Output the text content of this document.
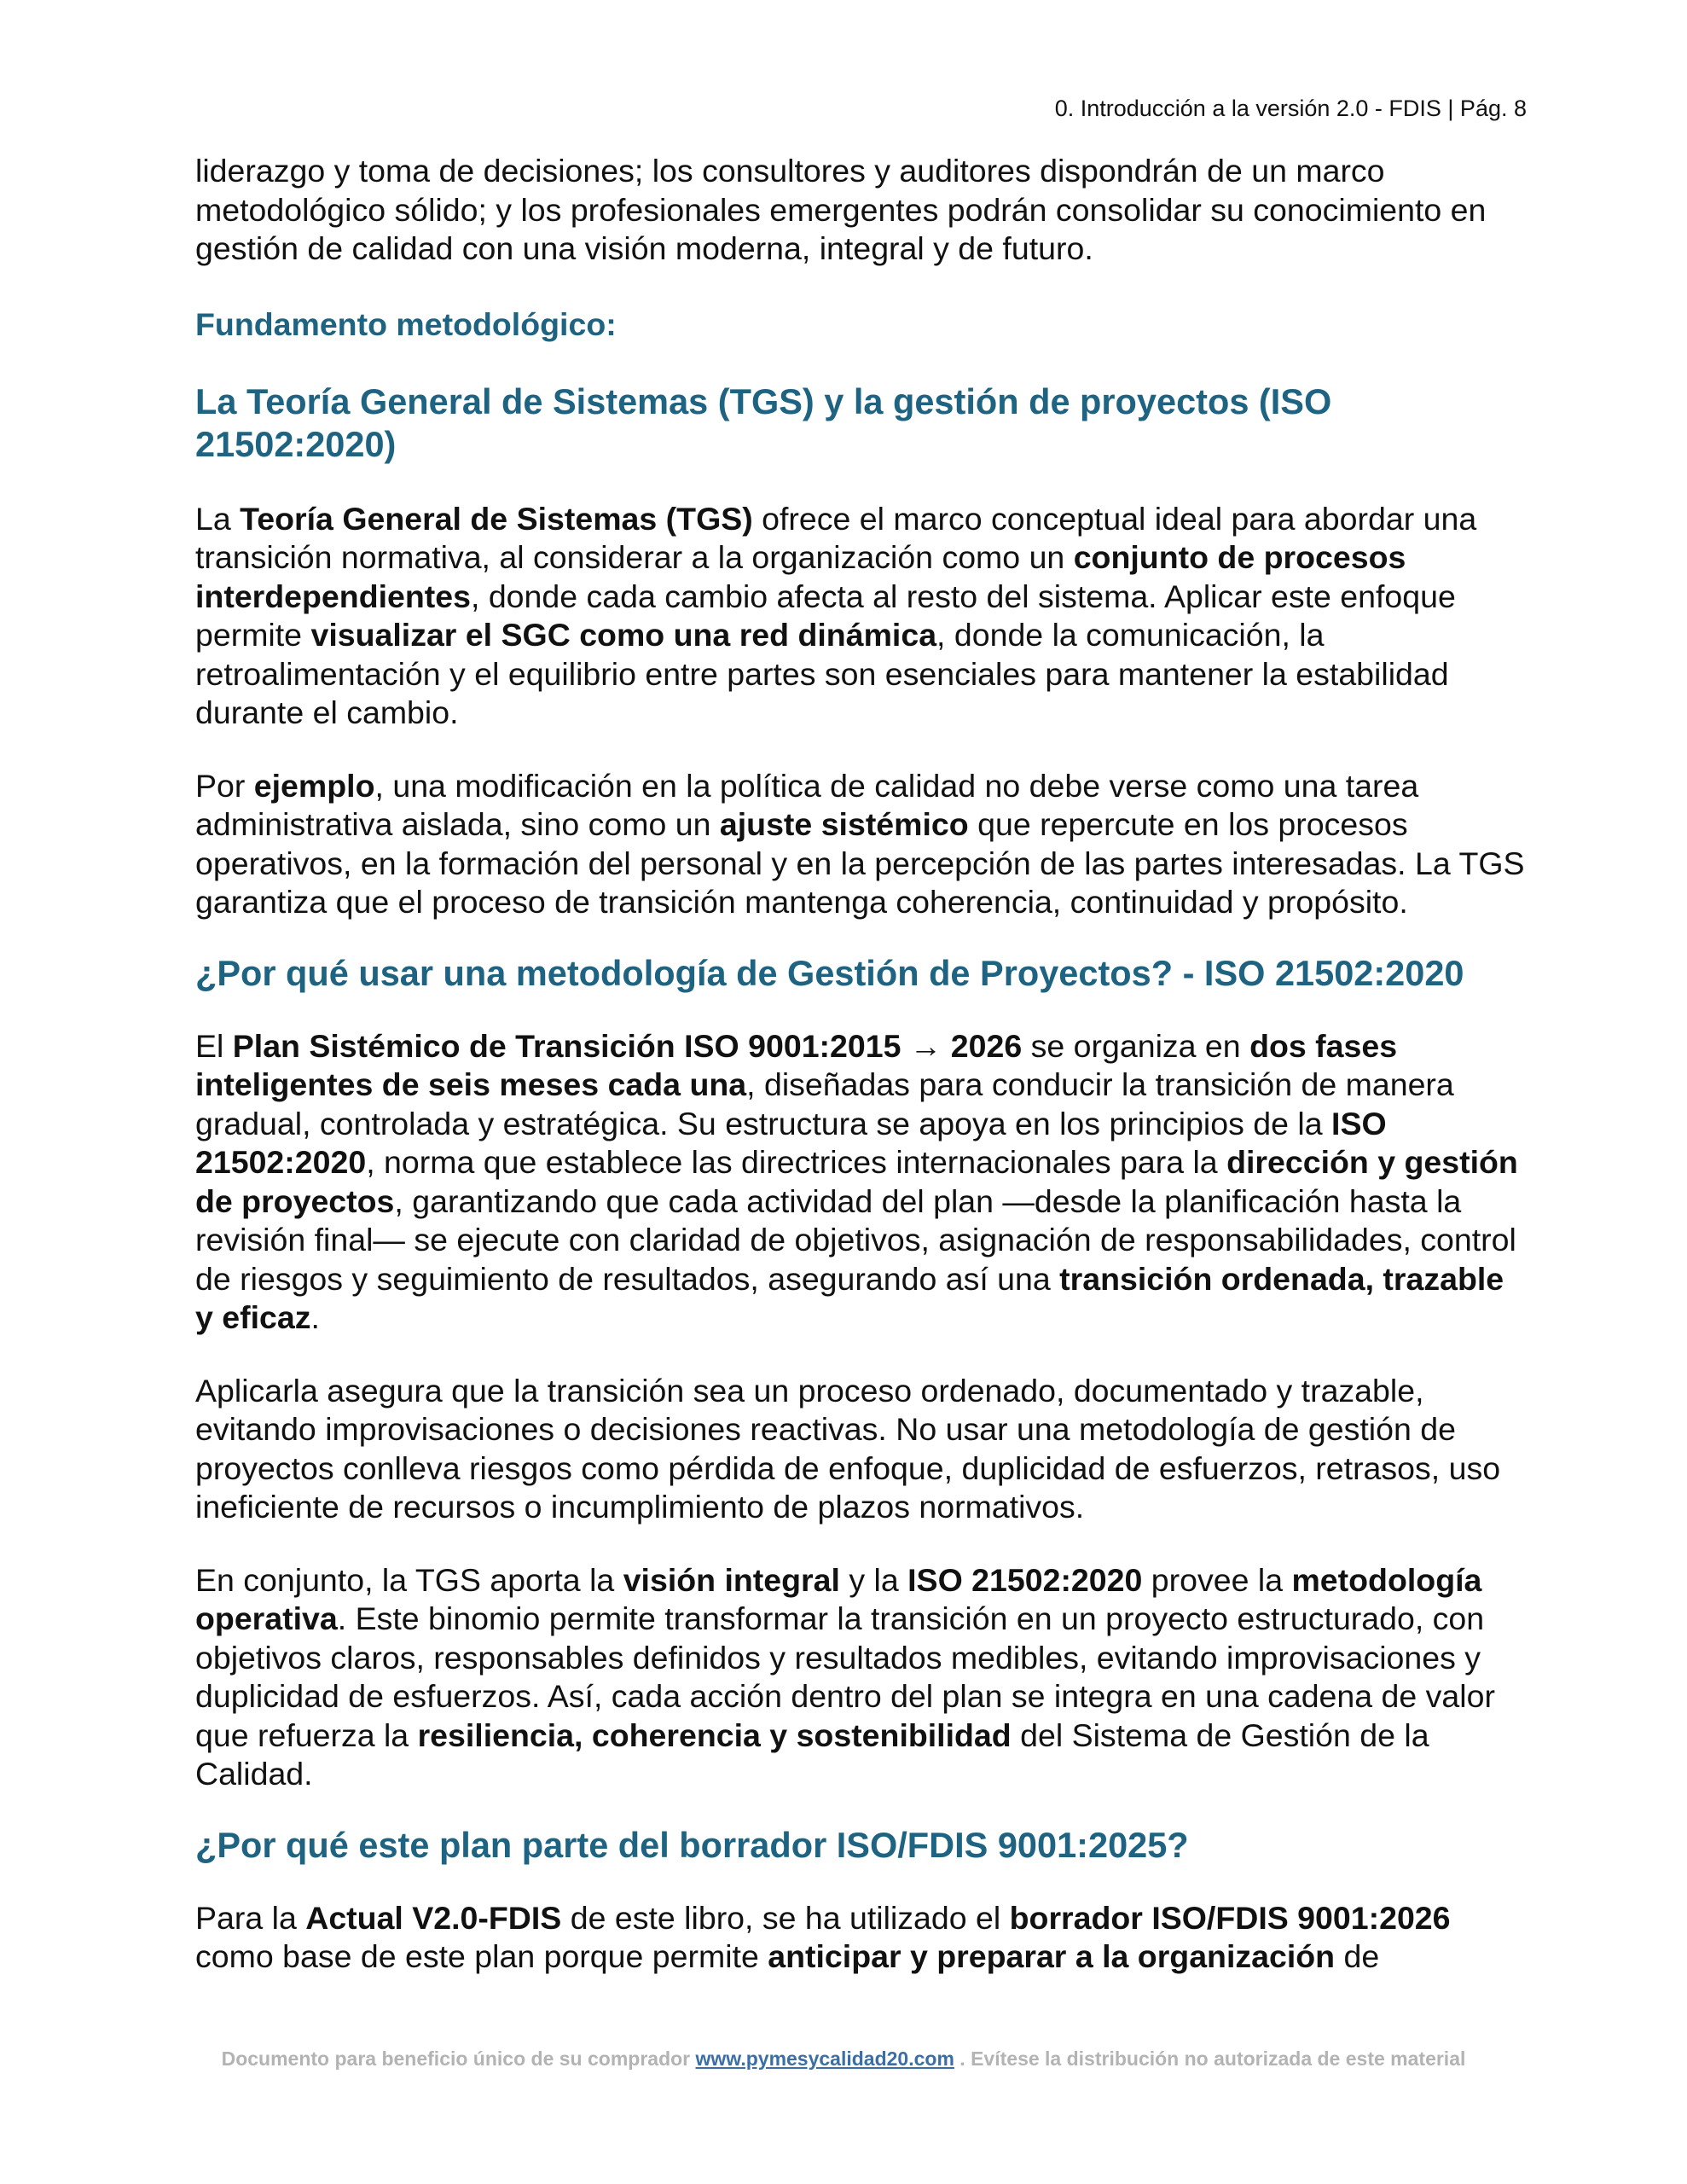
0. Introducción a la versión 2.0 - FDIS | Pág. 8

liderazgo y toma de decisiones; los consultores y auditores dispondrán de un marco metodológico sólido; y los profesionales emergentes podrán consolidar su conocimiento en gestión de calidad con una visión moderna, integral y de futuro.

Fundamento metodológico:
La Teoría General de Sistemas (TGS) y la gestión de proyectos (ISO 21502:2020)

La Teoría General de Sistemas (TGS) ofrece el marco conceptual ideal para abordar una transición normativa, al considerar a la organización como un conjunto de procesos interdependientes, donde cada cambio afecta al resto del sistema. Aplicar este enfoque permite visualizar el SGC como una red dinámica, donde la comunicación, la retroalimentación y el equilibrio entre partes son esenciales para mantener la estabilidad durante el cambio.

Por ejemplo, una modificación en la política de calidad no debe verse como una tarea administrativa aislada, sino como un ajuste sistémico que repercute en los procesos operativos, en la formación del personal y en la percepción de las partes interesadas. La TGS garantiza que el proceso de transición mantenga coherencia, continuidad y propósito.

¿Por qué usar una metodología de Gestión de Proyectos? - ISO 21502:2020

El Plan Sistémico de Transición ISO 9001:2015 → 2026 se organiza en dos fases inteligentes de seis meses cada una, diseñadas para conducir la transición de manera gradual, controlada y estratégica. Su estructura se apoya en los principios de la ISO 21502:2020, norma que establece las directrices internacionales para la dirección y gestión de proyectos, garantizando que cada actividad del plan —desde la planificación hasta la revisión final— se ejecute con claridad de objetivos, asignación de responsabilidades, control de riesgos y seguimiento de resultados, asegurando así una transición ordenada, trazable y eficaz.

Aplicarla asegura que la transición sea un proceso ordenado, documentado y trazable, evitando improvisaciones o decisiones reactivas. No usar una metodología de gestión de proyectos conlleva riesgos como pérdida de enfoque, duplicidad de esfuerzos, retrasos, uso ineficiente de recursos o incumplimiento de plazos normativos.

En conjunto, la TGS aporta la visión integral y la ISO 21502:2020 provee la metodología operativa. Este binomio permite transformar la transición en un proyecto estructurado, con objetivos claros, responsables definidos y resultados medibles, evitando improvisaciones y duplicidad de esfuerzos. Así, cada acción dentro del plan se integra en una cadena de valor que refuerza la resiliencia, coherencia y sostenibilidad del Sistema de Gestión de la Calidad.

¿Por qué este plan parte del borrador ISO/FDIS 9001:2025?

Para la Actual V2.0-FDIS de este libro, se ha utilizado el borrador ISO/FDIS 9001:2026 como base de este plan porque permite anticipar y preparar a la organización de

Documento para beneficio único de su comprador www.pymesycalidad20.com . Evítese la distribución no autorizada de este material
